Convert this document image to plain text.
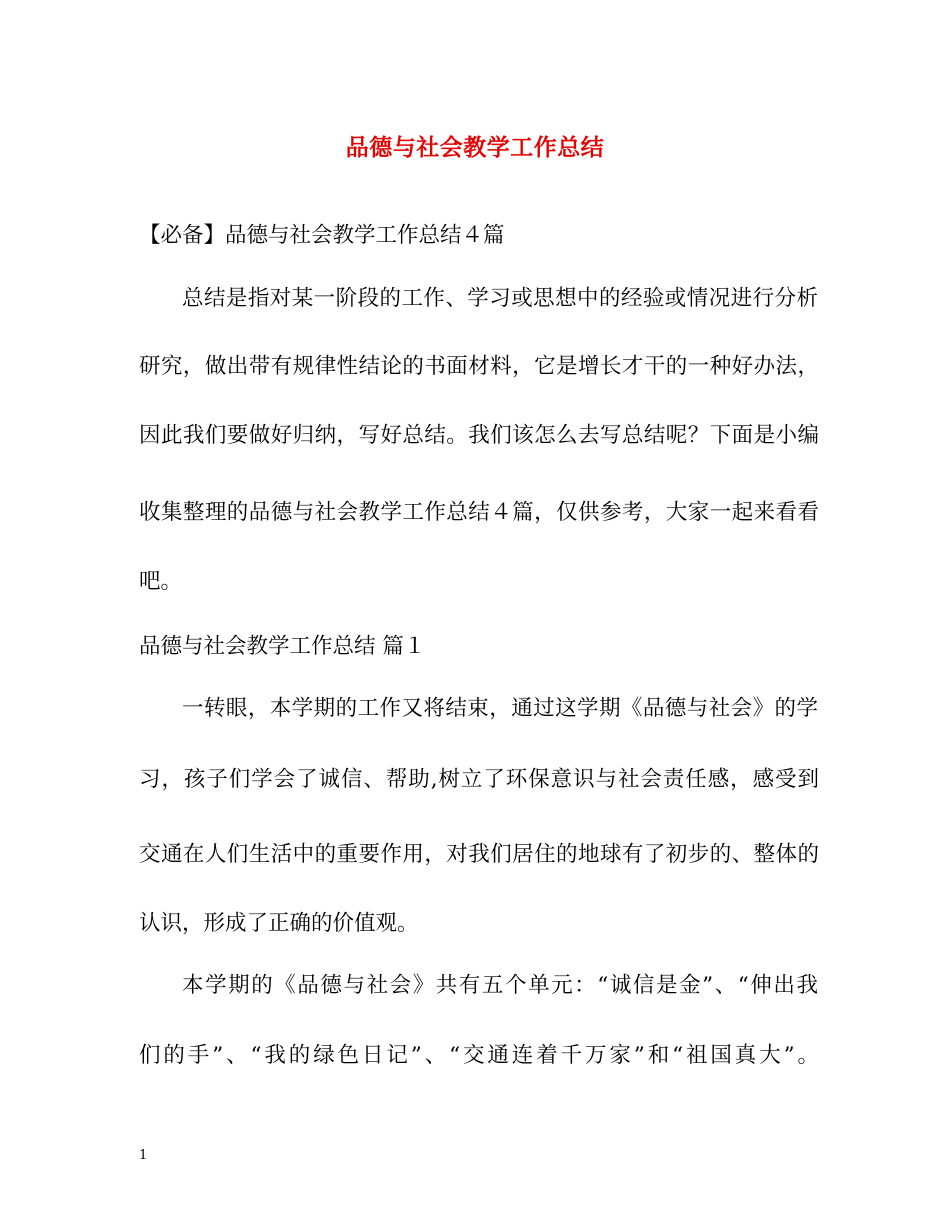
品德与社会教学工作总结
【必备】品德与社会教学工作总结４篇
总结是指对某一阶段的工作、学习或思想中的经验或情况进行分析
研究，做出带有规律性结论的书面材料，它是增长才干的一种好办法，
因此我们要做好归纳，写好总结。我们该怎么去写总结呢？下面是小编
收集整理的品德与社会教学工作总结４篇，仅供参考，大家一起来看看
吧。
品德与社会教学工作总结 篇１
一转眼，本学期的工作又将结束，通过这学期《品德与社会》的学
习，孩子们学会了诚信、帮助,树立了环保意识与社会责任感，感受到
交通在人们生活中的重要作用，对我们居住的地球有了初步的、整体的
认识，形成了正确的价值观。
本学期的《品德与社会》共有五个单元：“诚信是金”、“伸出我
们的手”、“我的绿色日记”、“交通连着千万家”和“祖国真大”。
1
